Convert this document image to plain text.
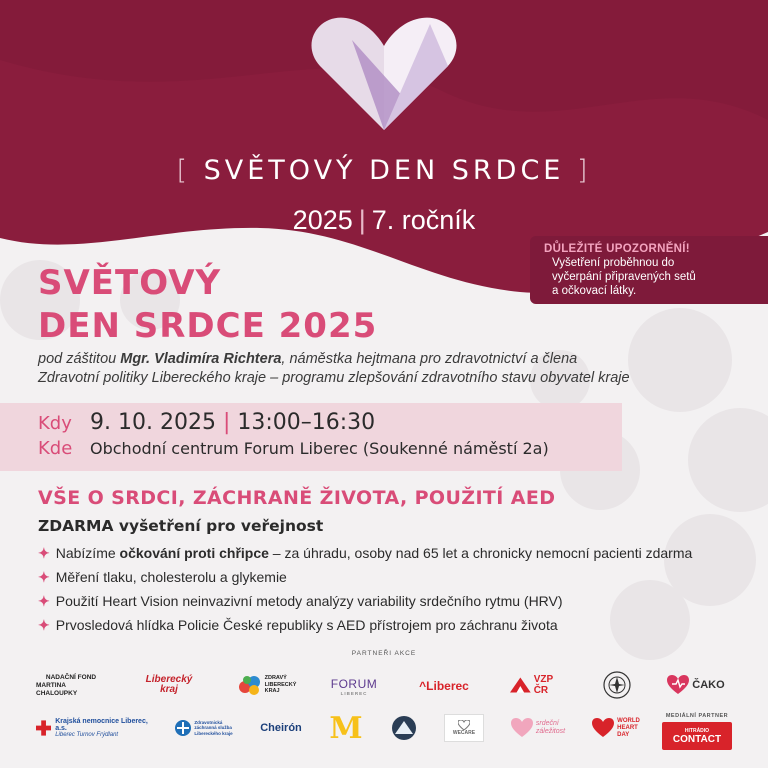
[ SVĚTOVÝ DEN SRDCE ]
2025 | 7. ročník
DŮLEŽITÉ UPOZORNĚNÍ!
Vyšetření proběhnou do
vyčerpání připravených setů
a očkovací látky.
SVĚTOVÝ
DEN SRDCE 2025
pod záštitou Mgr. Vladimíra Richtera, náměstka hejtmana pro zdravotnictví a člena
Zdravotní politiky Libereckého kraje – programu zlepšování zdravotního stavu obyvatel kraje
Kdy 9. 10. 2025 | 13:00–16:30
Kde Obchodní centrum Forum Liberec (Soukenné náměstí 2a)
VŠE O SRDCI, ZÁCHRANĚ ŽIVOTA, POUŽITÍ AED
ZDARMA vyšetření pro veřejnost
✦ Nabízíme očkování proti chřipce – za úhradu, osoby nad 65 let a chronicky nemocní pacienti zdarma
✦ Měření tlaku, cholesterolu a glykemie
✦ Použití Heart Vision neinvazivní metody analýzy variability srdečního rytmu (HRV)
✦ Prvosledová hlídka Policie České republiky s AED přístrojem pro záchranu života
PARTNEŘI AKCE
NADAČNÍ FOND
MARTINA CHALOUPKY
Liberecký
kraj
ZDRAVÝ
LIBERECKÝ
KRAJ
FORUM
LIBEREC	^Liberec	VZP ČR	ČAKO
Krajská nemocnice Liberec, a.s.
Liberec Turnov Frýdlant
Zdravotnická
záchranná služba
Libereckého kraje	Cheirón M	WECARE
srdeční
záležitost
WORLD
HEART
DAY
MEDIÁLNÍ PARTNER
HITRÁDIO
CONTACT
